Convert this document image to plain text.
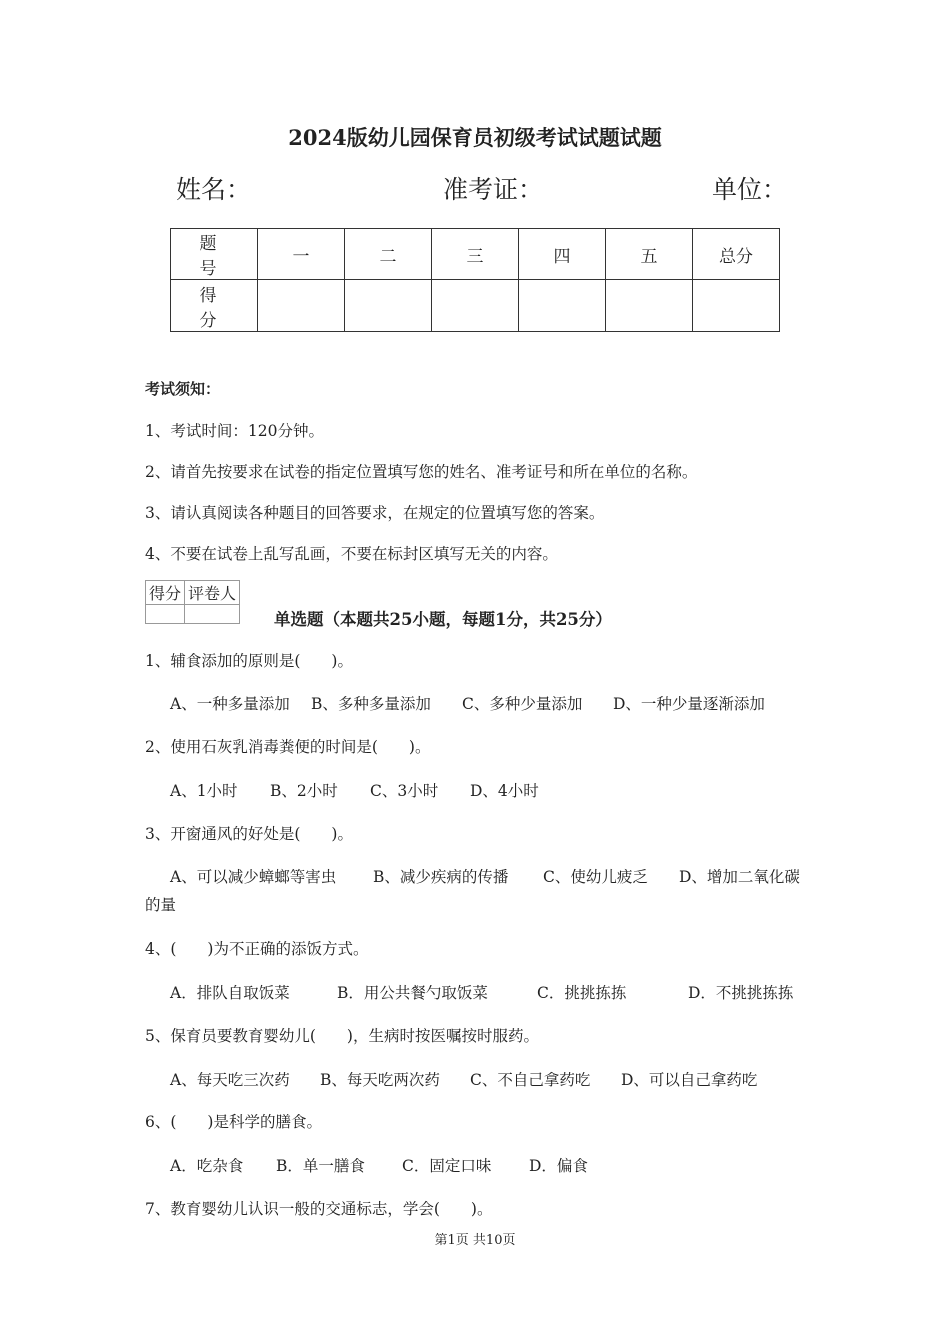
2024版幼儿园保育员初级考试试题试题
姓名：	准考证：	单位：
题　号	一	二	三	四	五	总分
得　分						
考试须知：
1、考试时间：120分钟。
2、请首先按要求在试卷的指定位置填写您的姓名、准考证号和所在单位的名称。
3、请认真阅读各种题目的回答要求，在规定的位置填写您的答案。
4、不要在试卷上乱写乱画，不要在标封区填写无关的内容。
得分	评卷人

单选题（本题共25小题，每题1分，共25分）
1、辅食添加的原则是(　　)。
A、一种多量添加 B、多种多量添加 C、多种少量添加 D、一种少量逐渐添加
2、使用石灰乳消毒粪便的时间是(　　)。
A、1小时 B、2小时 C、3小时 D、4小时
3、开窗通风的好处是(　　)。
A、可以减少蟑螂等害虫 B、减少疾病的传播 C、使幼儿疲乏 D、增加二氧化碳
的量
4、(　　)为不正确的添饭方式。
A．排队自取饭菜	B．用公共餐勺取饭菜	C．挑挑拣拣	D．不挑挑拣拣
5、保育员要教育婴幼儿(　　)，生病时按医嘱按时服药。
A、每天吃三次药 B、每天吃两次药 C、不自己拿药吃 D、可以自己拿药吃
6、(　　)是科学的膳食。
A．吃杂食 B．单一膳食 C．固定口味 D．偏食
7、教育婴幼儿认识一般的交通标志，学会(　　)。
第1页 共10页
